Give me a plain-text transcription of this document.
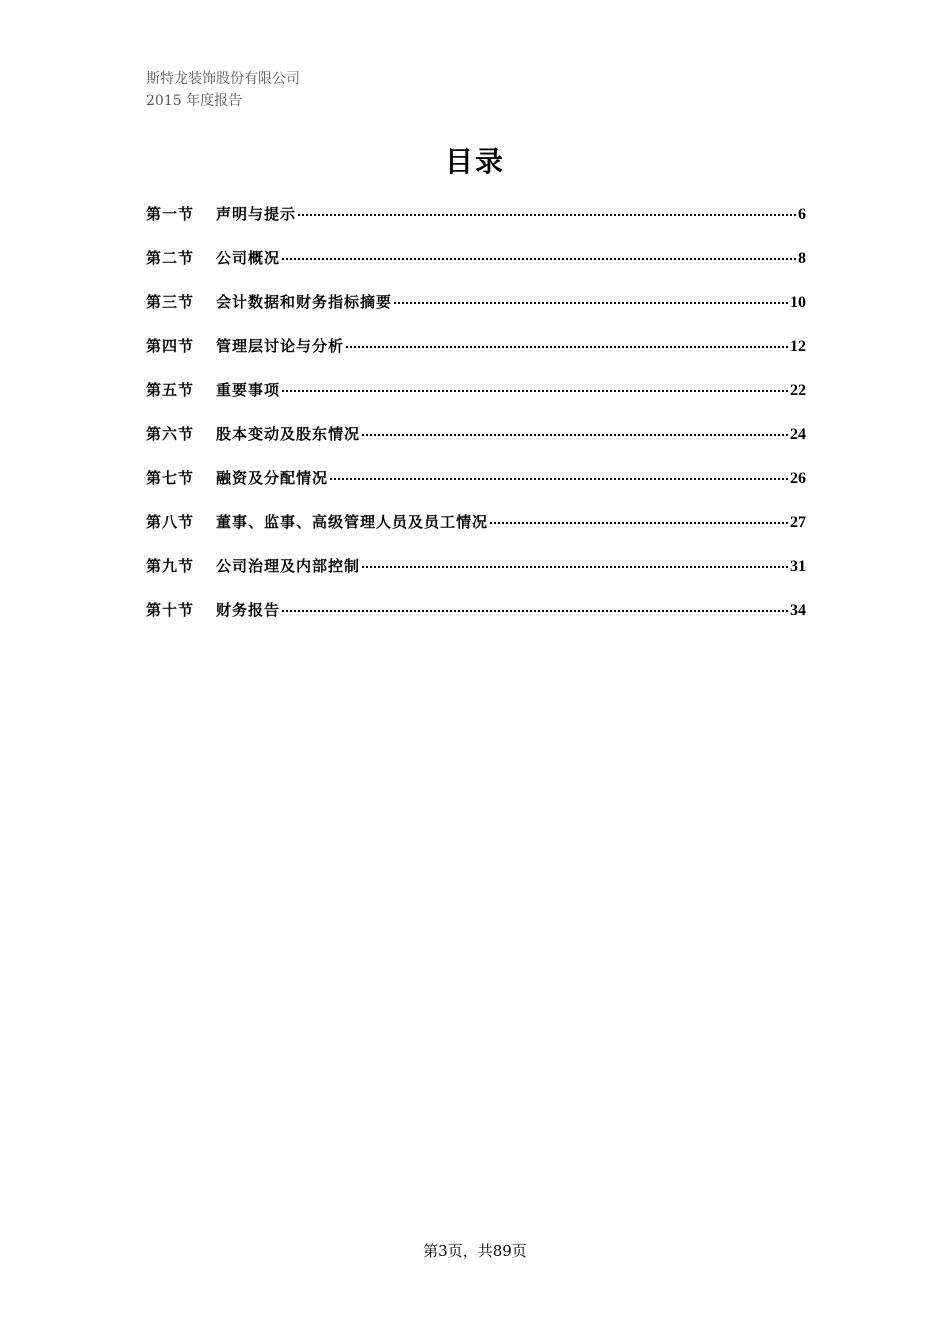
斯特龙装饰股份有限公司
2015 年度报告
目录
第一节	声明与提示	6
第二节	公司概况	8
第三节	会计数据和财务指标摘要	10
第四节	管理层讨论与分析	12
第五节	重要事项	22
第六节	股本变动及股东情况	24
第七节	融资及分配情况	26
第八节	董事、监事、高级管理人员及员工情况	27
第九节	公司治理及内部控制	31
第十节	财务报告	34
第3页，共89页
